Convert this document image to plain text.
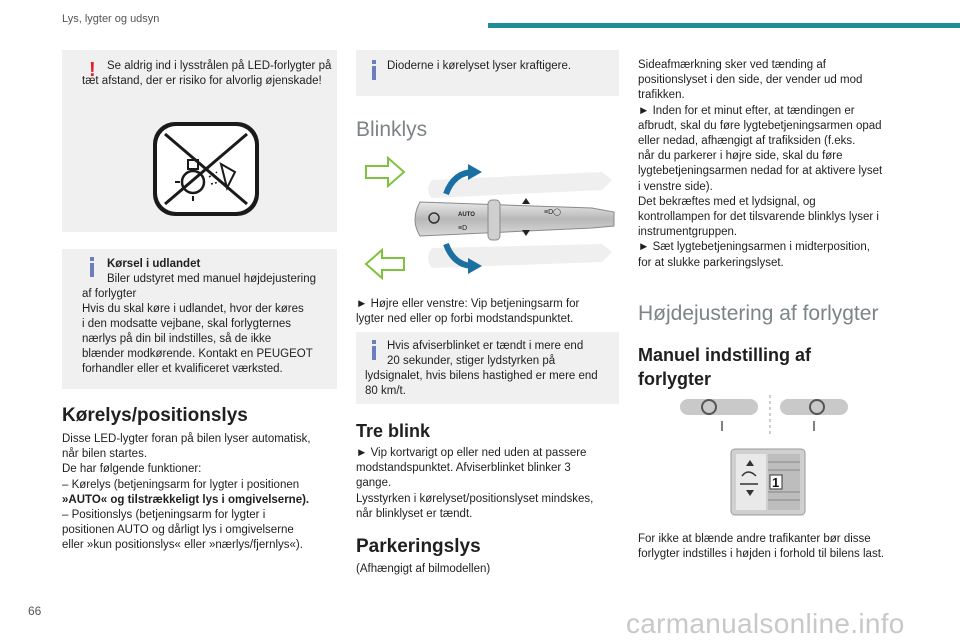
Lys, lygter og udsyn
! Se aldrig ind i lysstrålen på LED-forlygter på tæt afstand, der er risiko for alvorlig øjenskade!

Kørsel i udlandet

Biler udstyret med manuel højdejustering

af forlygter

Hvis du skal køre i udlandet, hvor der køres

i den modsatte vejbane, skal forlygternes

nærlys på din bil indstilles, så de ikke

blænder modkørende. Kontakt en PEUGEOT

forhandler eller et kvalificeret værksted.

Kørelys/positionslys

Disse LED-lygter foran på bilen lyser automatisk,

når bilen startes.

De har følgende funktioner:

– Kørelys (betjeningsarm for lygter i positionen

»AUTO« og tilstrækkeligt lys i omgivelserne).

– Positionslys (betjeningsarm for lygter i

positionen AUTO og dårligt lys i omgivelserne

eller »kun positionslys« eller »nærlys/fjernlys«).

Dioderne i kørelyset lyser kraftigere.

Blinklys
AUTO
≡D
≡D◯

► Højre eller venstre: Vip betjeningsarm for

lygter ned eller op forbi modstandspunktet.

Hvis afviserblinket er tændt i mere end

20 sekunder, stiger lydstyrken på

lydsignalet, hvis bilens hastighed er mere end

80 km/t.

Tre blink

► Vip kortvarigt op eller ned uden at passere

modstandspunktet. Afviserblinket blinker 3

gange.

Lysstyrken i kørelyset/positionslyset mindskes,

når blinklyset er tændt.

Parkeringslys

(Afhængigt af bilmodellen)

Sideafmærkning sker ved tænding af

positionslyset i den side, der vender ud mod

trafikken.

► Inden for et minut efter, at tændingen er

afbrudt, skal du føre lygtebetjeningsarmen opad

eller nedad, afhængigt af trafiksiden (f.eks.

når du parkerer i højre side, skal du føre

lygtebetjeningsarmen nedad for at aktivere lyset

i venstre side).

Det bekræftes med et lydsignal, og

kontrollampen for det tilsvarende blinklys lyser i

instrumentgruppen.

► Sæt lygtebetjeningsarmen i midterposition,

for at slukke parkeringslyset.

Højdejustering af forlygter
Manuel indstilling af
forlygter
1

For ikke at blænde andre trafikanter bør disse

forlygter indstilles i højden i forhold til bilens last.

66	carmanualsonline.info
